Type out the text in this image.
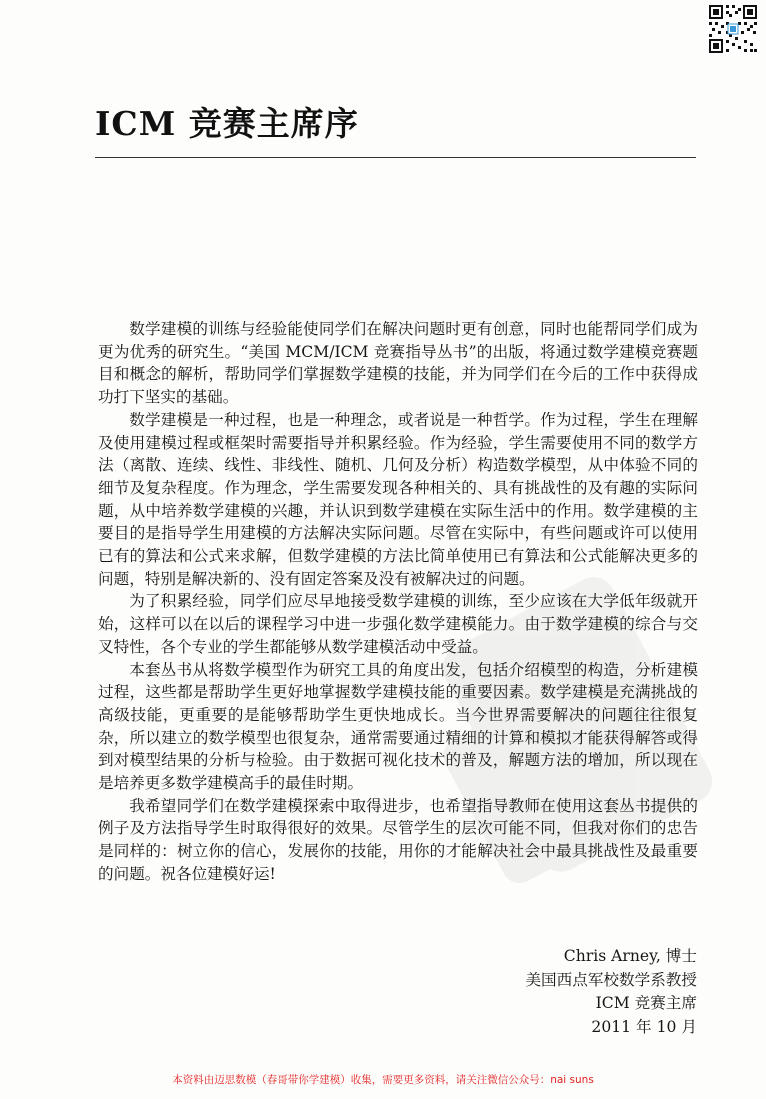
ICM 竞赛主席序

数学建模的训练与经验能使同学们在解决问题时更有创意，同时也能帮同学们成为更为优秀的研究生。“美国 MCM/ICM 竞赛指导丛书”的出版，将通过数学建模竞赛题目和概念的解析，帮助同学们掌握数学建模的技能，并为同学们在今后的工作中获得成功打下坚实的基础。

数学建模是一种过程，也是一种理念，或者说是一种哲学。作为过程，学生在理解及使用建模过程或框架时需要指导并积累经验。作为经验，学生需要使用不同的数学方法（离散、连续、线性、非线性、随机、几何及分析）构造数学模型，从中体验不同的细节及复杂程度。作为理念，学生需要发现各种相关的、具有挑战性的及有趣的实际问题，从中培养数学建模的兴趣，并认识到数学建模在实际生活中的作用。数学建模的主要目的是指导学生用建模的方法解决实际问题。尽管在实际中，有些问题或许可以使用已有的算法和公式来求解，但数学建模的方法比简单使用已有算法和公式能解决更多的问题，特别是解决新的、没有固定答案及没有被解决过的问题。

为了积累经验，同学们应尽早地接受数学建模的训练，至少应该在大学低年级就开始，这样可以在以后的课程学习中进一步强化数学建模能力。由于数学建模的综合与交叉特性，各个专业的学生都能够从数学建模活动中受益。

本套丛书从将数学模型作为研究工具的角度出发，包括介绍模型的构造，分析建模过程，这些都是帮助学生更好地掌握数学建模技能的重要因素。数学建模是充满挑战的高级技能，更重要的是能够帮助学生更快地成长。当今世界需要解决的问题往往很复杂，所以建立的数学模型也很复杂，通常需要通过精细的计算和模拟才能获得解答或得到对模型结果的分析与检验。由于数据可视化技术的普及，解题方法的增加，所以现在是培养更多数学建模高手的最佳时期。

我希望同学们在数学建模探索中取得进步，也希望指导教师在使用这套丛书提供的例子及方法指导学生时取得很好的效果。尽管学生的层次可能不同，但我对你们的忠告是同样的：树立你的信心，发展你的技能，用你的才能解决社会中最具挑战性及最重要的问题。祝各位建模好运!

Chris Arney, 博士
美国西点军校数学系教授
ICM 竞赛主席
2011 年 10 月
本资料由迈思数模（春哥带你学建模）收集，需要更多资料，请关注微信公众号：nai suns
